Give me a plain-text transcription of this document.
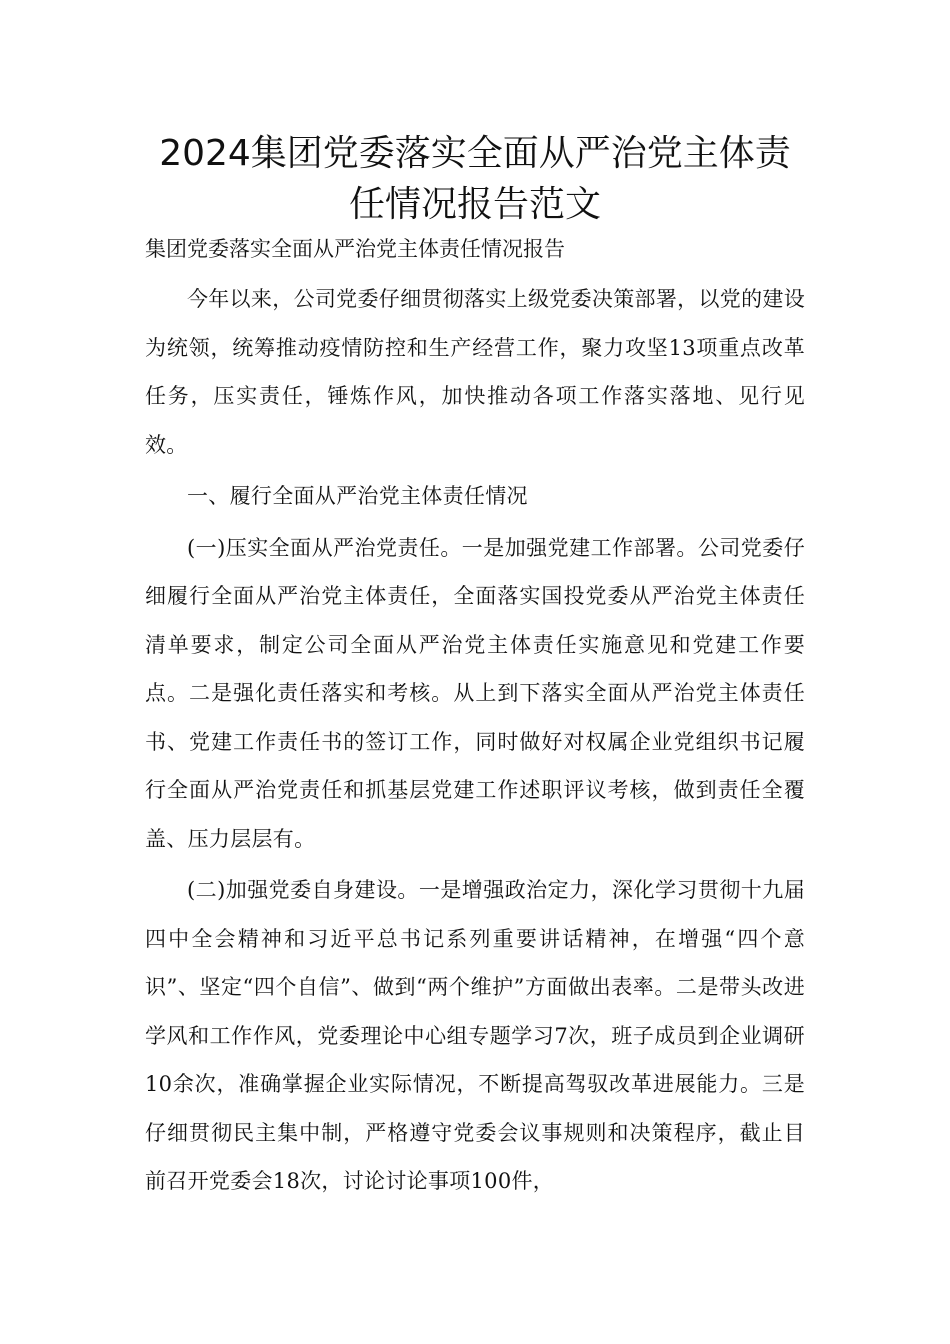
2024集团党委落实全面从严治党主体责
任情况报告范文

集团党委落实全面从严治党主体责任情况报告

今年以来，公司党委仔细贯彻落实上级党委决策部署，以党的建设为统领，统筹推动疫情防控和生产经营工作，聚力攻坚13项重点改革任务，压实责任，锤炼作风，加快推动各项工作落实落地、见行见效。

一、履行全面从严治党主体责任情况

(一)压实全面从严治党责任。一是加强党建工作部署。公司党委仔细履行全面从严治党主体责任，全面落实国投党委从严治党主体责任清单要求，制定公司全面从严治党主体责任实施意见和党建工作要点。二是强化责任落实和考核。从上到下落实全面从严治党主体责任书、党建工作责任书的签订工作，同时做好对权属企业党组织书记履行全面从严治党责任和抓基层党建工作述职评议考核，做到责任全覆盖、压力层层有。

(二)加强党委自身建设。一是增强政治定力，深化学习贯彻十九届四中全会精神和习近平总书记系列重要讲话精神，在增强“四个意识”、坚定“四个自信”、做到“两个维护”方面做出表率。二是带头改进学风和工作作风，党委理论中心组专题学习7次，班子成员到企业调研10余次，准确掌握企业实际情况，不断提高驾驭改革进展能力。三是仔细贯彻民主集中制，严格遵守党委会议事规则和决策程序，截止目前召开党委会18次，讨论讨论事项100件，
